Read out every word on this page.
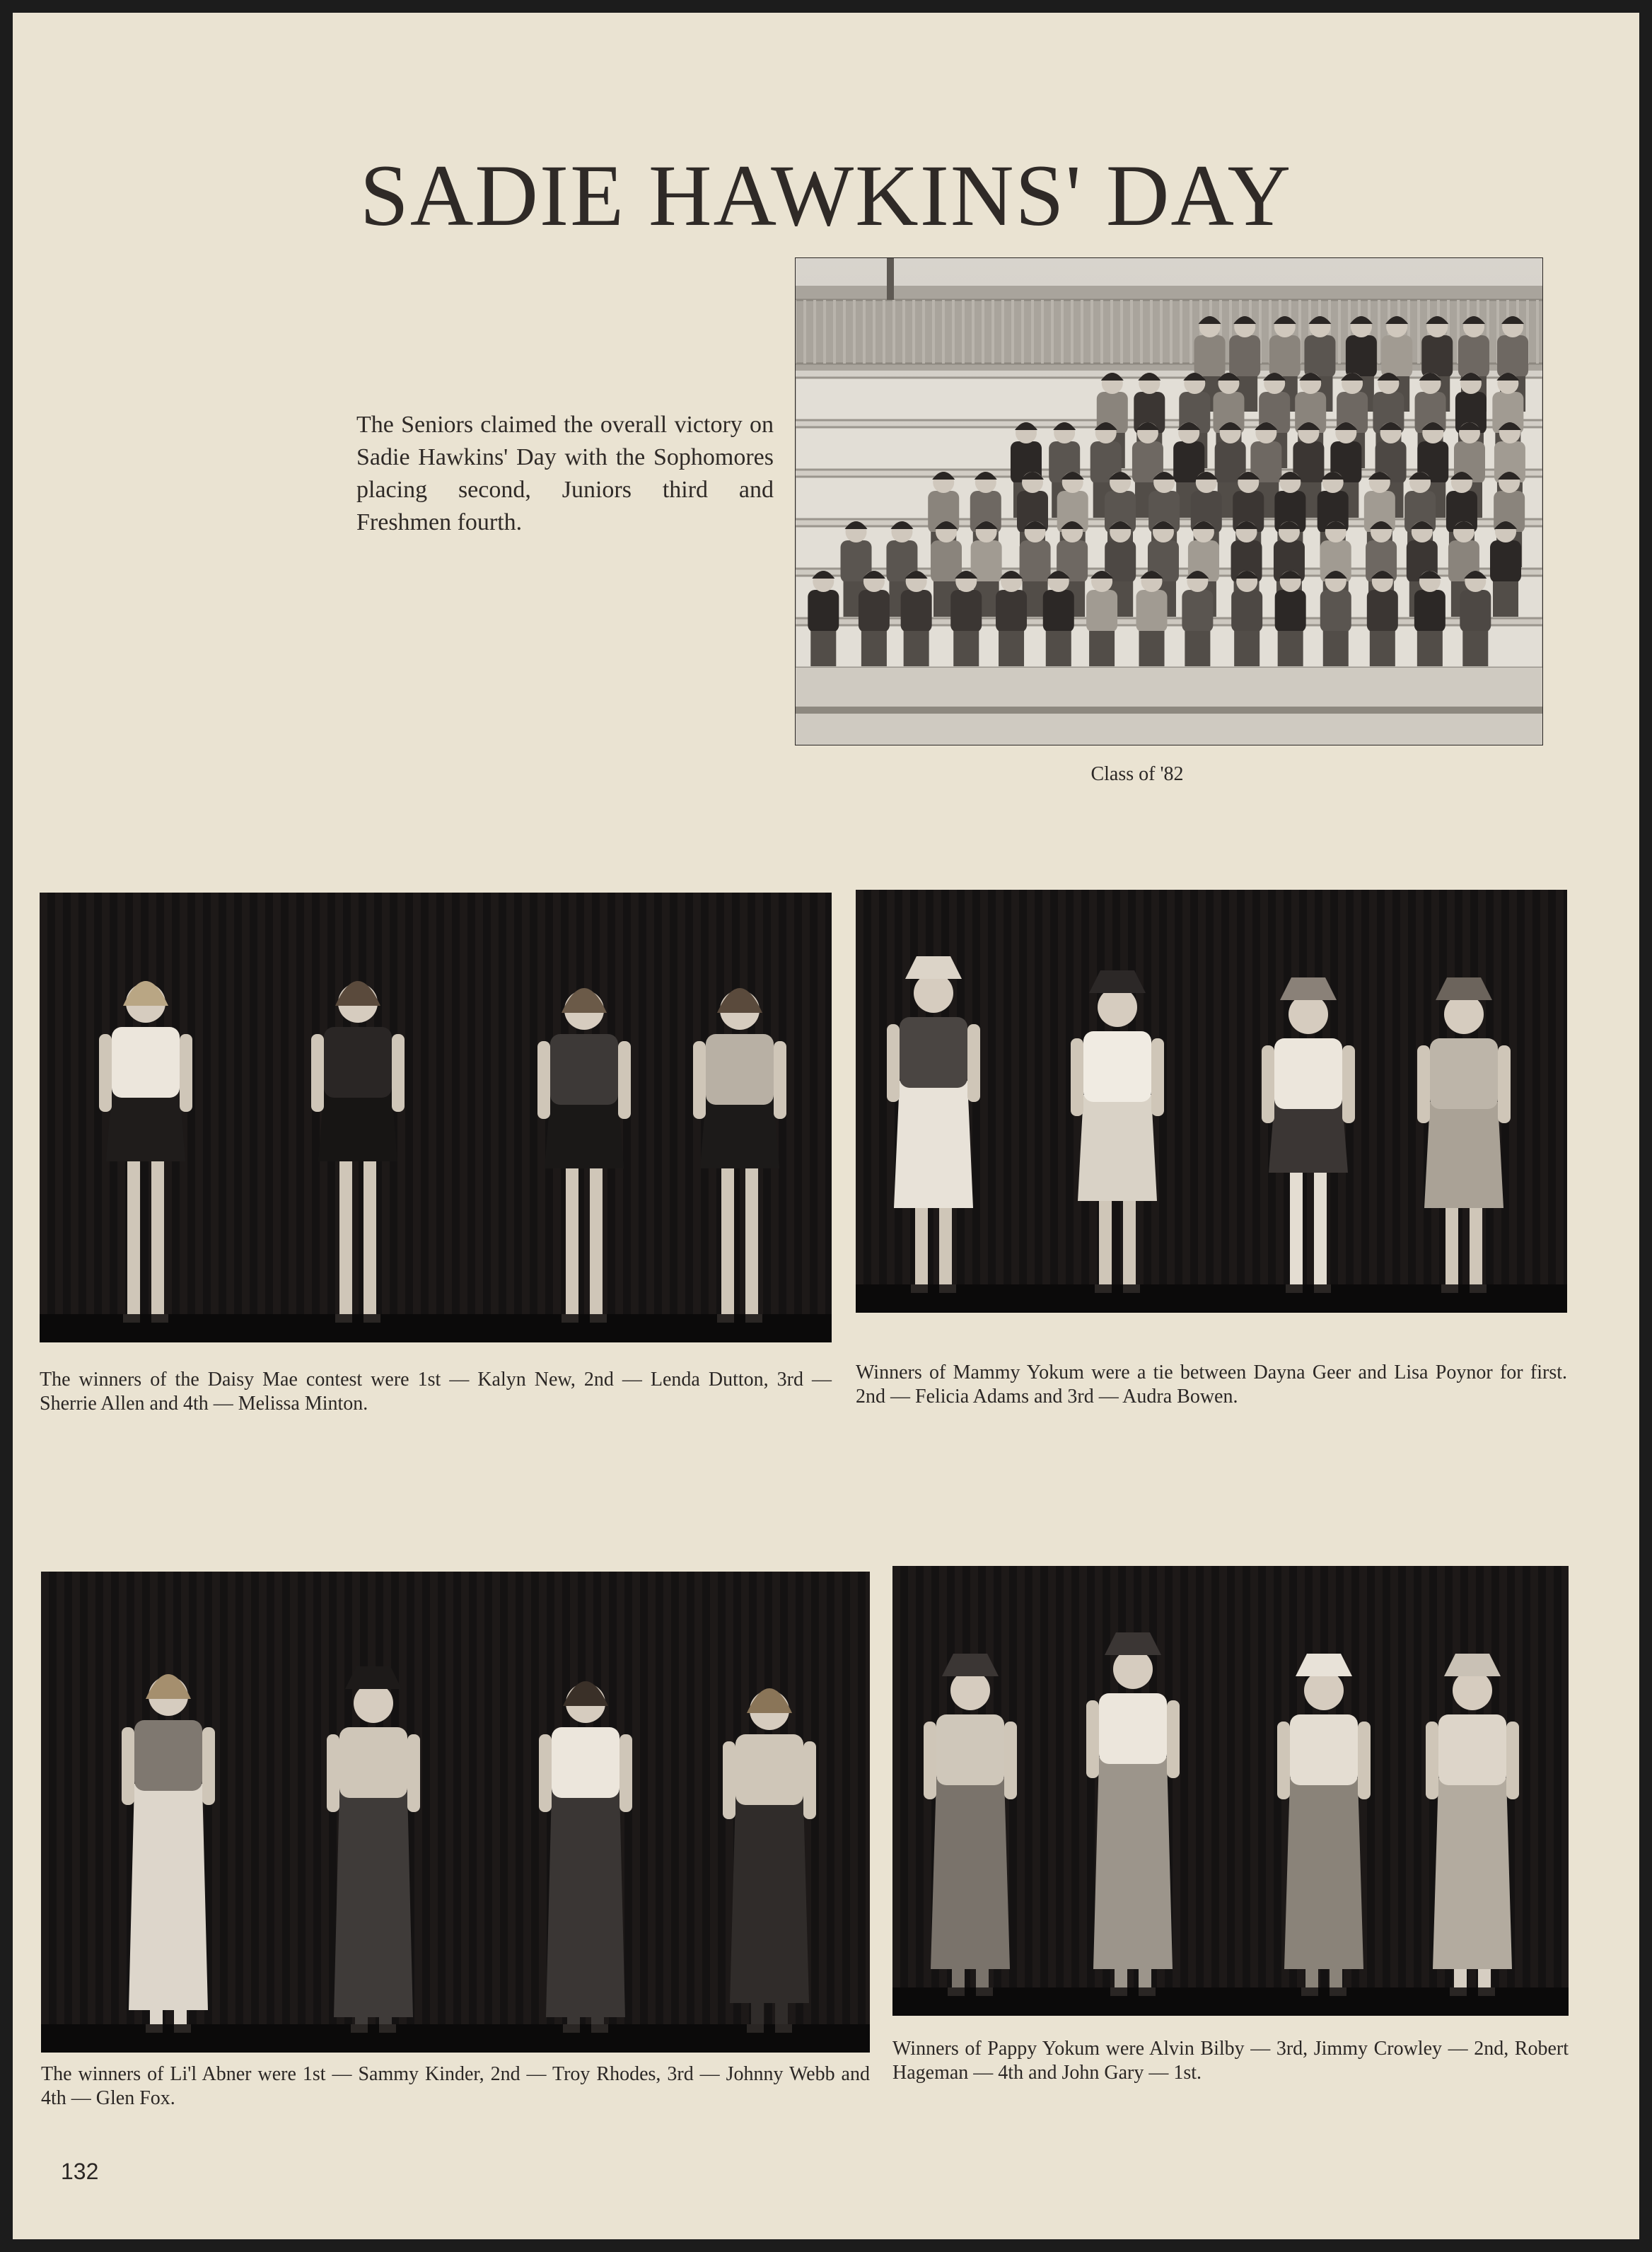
SADIE HAWKINS' DAY
The Seniors claimed the overall victory on Sadie Hawkins' Day with the Sophomores placing second, Juniors third and Freshmen fourth.
Class of '82
The winners of the Daisy Mae contest were 1st — Kalyn New, 2nd — Lenda Dutton, 3rd — Sherrie Allen and 4th — Melissa Minton.
Winners of Mammy Yokum were a tie between Dayna Geer and Lisa Poynor for first. 2nd — Felicia Adams and 3rd — Audra Bowen.
The winners of Li'l Abner were 1st — Sammy Kinder, 2nd — Troy Rhodes, 3rd — Johnny Webb and 4th — Glen Fox.
Winners of Pappy Yokum were Alvin Bilby — 3rd, Jimmy Crowley — 2nd, Robert Hageman — 4th and John Gary — 1st.
132
